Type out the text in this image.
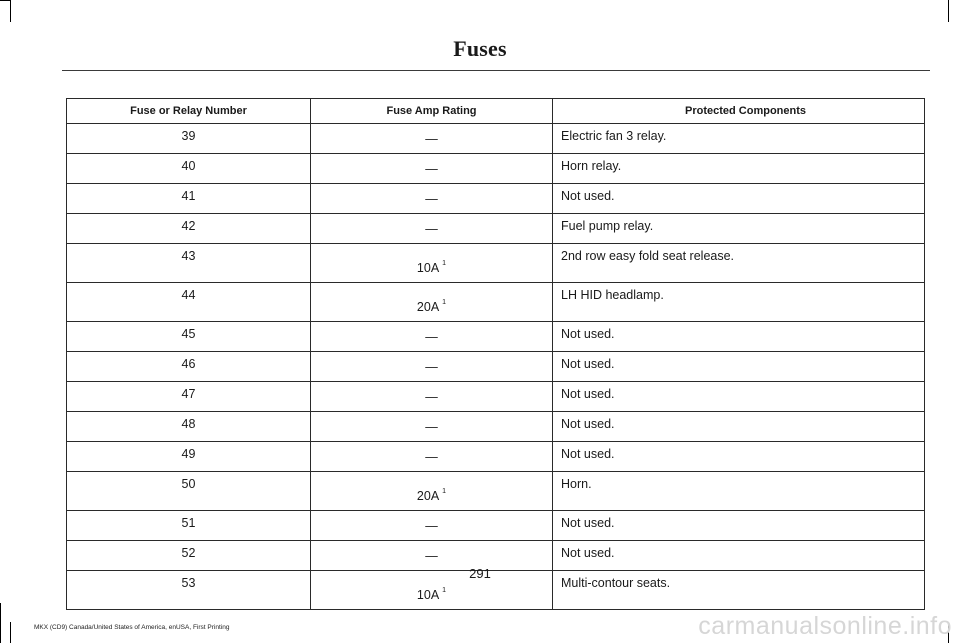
Fuses
Fuse or Relay Number	Fuse Amp Rating	Protected Components
39	—	Electric fan 3 relay.
40	—	Horn relay.
41	—	Not used.
42	—	Fuel pump relay.
43	10A $^1$	2nd row easy fold seat release.
44	20A $^1$	LH HID headlamp.
45	—	Not used.
46	—	Not used.
47	—	Not used.
48	—	Not used.
49	—	Not used.
50	20A $^1$	Horn.
51	—	Not used.
52	—	Not used.
53	10A $^1$	Multi-contour seats.
291
MKX (CD9) Canada/United States of America, enUSA, First Printing	carmanualsonline.info
